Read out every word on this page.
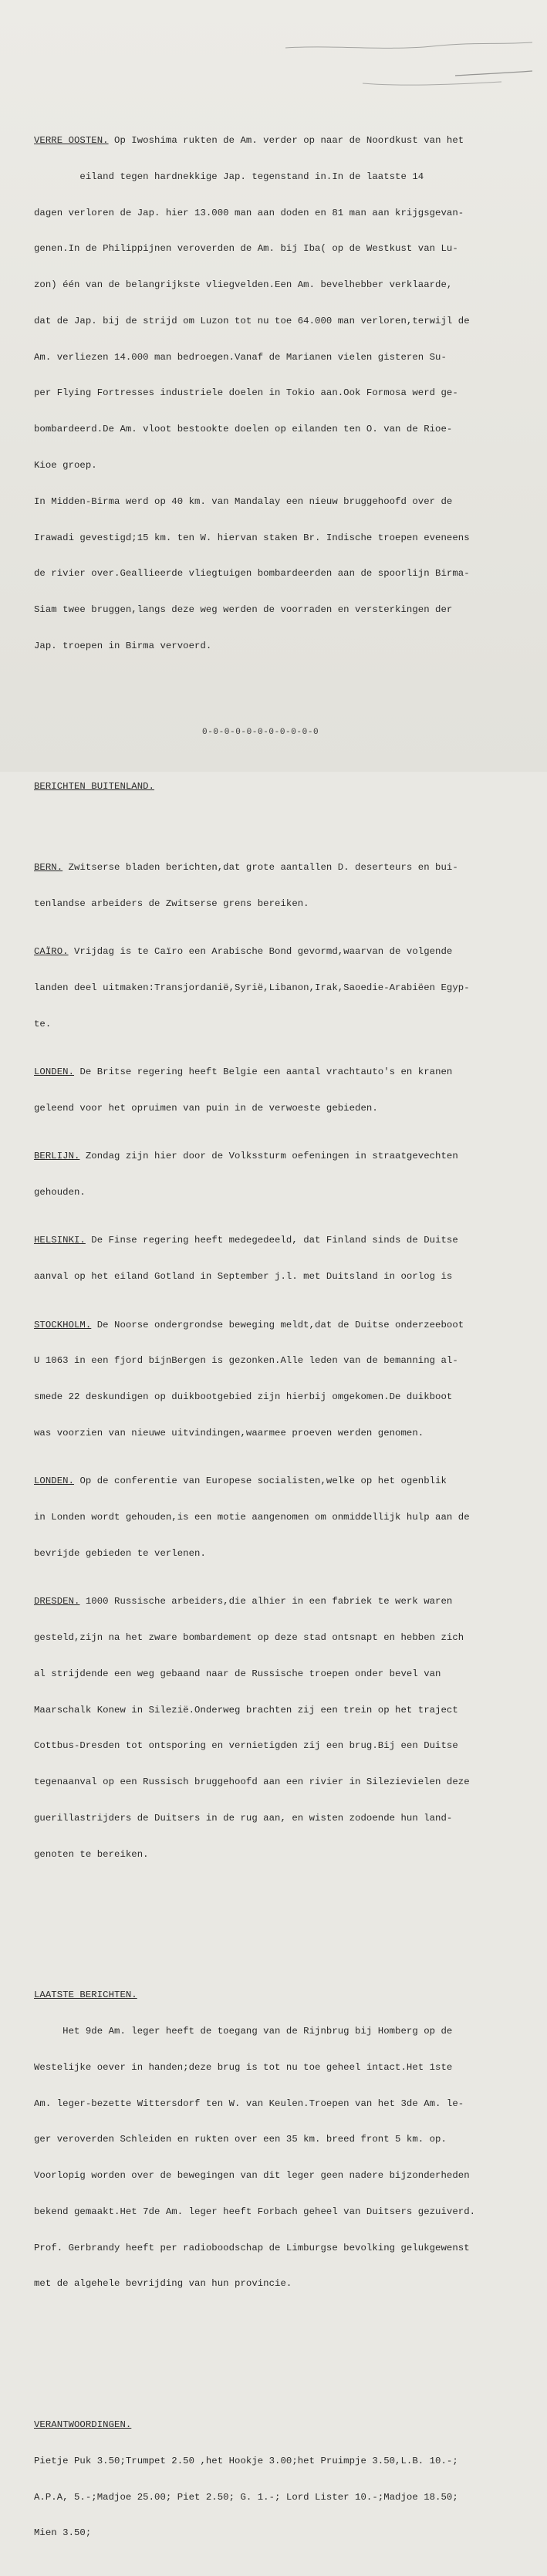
VERRE OOSTEN. Op Iwoshima rukten de Am. verder op naar de Noordkust van het

eiland tegen hardnekkige Jap. tegenstand in.In de laatste 14

dagen verloren de Jap. hier 13.000 man aan doden en 81 man aan krijgsgevan-

genen.In de Philippijnen veroverden de Am. bij Iba( op de Westkust van Lu-

zon) één van de belangrijkste vliegvelden.Een Am. bevelhebber verklaarde,

dat de Jap. bij de strijd om Luzon tot nu toe 64.000 man verloren,terwijl de

Am. verliezen 14.000 man bedroegen.Vanaf de Marianen vielen gisteren Su-

per Flying Fortresses industriele doelen in Tokio aan.Ook Formosa werd ge-

bombardeerd.De Am. vloot bestookte doelen op eilanden ten O. van de Rioe-

Kioe groep.

In Midden-Birma werd op 40 km. van Mandalay een nieuw bruggehoofd over de

Irawadi gevestigd;15 km. ten W. hiervan staken Br. Indische troepen eveneens

de rivier over.Geallieerde vliegtuigen bombardeerden aan de spoorlijn Birma-

Siam twee bruggen,langs deze weg werden de voorraden en versterkingen der

Jap. troepen in Birma vervoerd.

BERICHTEN BUITENLAND.

BERN. Zwitserse bladen berichten,dat grote aantallen D. deserteurs en bui-

tenlandse arbeiders de Zwitserse grens bereiken.

CAÏRO. Vrijdag is te Caïro een Arabische Bond gevormd,waarvan de volgende

landen deel uitmaken:Transjordanië,Syrië,Libanon,Irak,Saoedie-Arabiëen Egyp-

te.

LONDEN. De Britse regering heeft Belgie een aantal vrachtauto's en kranen

geleend voor het opruimen van puin in de verwoeste gebieden.

BERLIJN. Zondag zijn hier door de Volkssturm oefeningen in straatgevechten

gehouden.

HELSINKI. De Finse regering heeft medegedeeld, dat Finland sinds de Duitse

aanval op het eiland Gotland in September j.l. met Duitsland in oorlog is

STOCKHOLM. De Noorse ondergrondse beweging meldt,dat de Duitse onderzeeboot

U 1063 in een fjord bijnBergen is gezonken.Alle leden van de bemanning al-

smede 22 deskundigen op duikbootgebied zijn hierbij omgekomen.De duikboot

was voorzien van nieuwe uitvindingen,waarmee proeven werden genomen.

LONDEN. Op de conferentie van Europese socialisten,welke op het ogenblik

in Londen wordt gehouden,is een motie aangenomen om onmiddellijk hulp aan de

bevrijde gebieden te verlenen.

DRESDEN. 1000 Russische arbeiders,die alhier in een fabriek te werk waren

gesteld,zijn na het zware bombardement op deze stad ontsnapt en hebben zich

al strijdende een weg gebaand naar de Russische troepen onder bevel van

Maarschalk Konew in Silezië.Onderweg brachten zij een trein op het traject

Cottbus-Dresden tot ontsporing en vernietigden zij een brug.Bij een Duitse

tegenaanval op een Russisch bruggehoofd aan een rivier in Silezievielen deze

guerillastrijders de Duitsers in de rug aan, en wisten zodoende hun land-

genoten te bereiken.

LAATSTE BERICHTEN.

Het 9de Am. leger heeft de toegang van de Rijnbrug bij Homberg op de

Westelijke oever in handen;deze brug is tot nu toe geheel intact.Het 1ste

Am. leger-bezette Wittersdorf ten W. van Keulen.Troepen van het 3de Am. le-

ger veroverden Schleiden en rukten over een 35 km. breed front 5 km. op.

Voorlopig worden over de bewegingen van dit leger geen nadere bijzonderheden

bekend gemaakt.Het 7de Am. leger heeft Forbach geheel van Duitsers gezuiverd.

Prof. Gerbrandy heeft per radioboodschap de Limburgse bevolking gelukgewenst

met de algehele bevrijding van hun provincie.

VERANTWOORDINGEN.

Pietje Puk 3.50;Trumpet 2.50 ,het Hookje 3.00;het Pruimpje 3.50,L.B. 10.-;

A.P.A, 5.-;Madjoe 25.00; Piet 2.50; G. 1.-; Lord Lister 10.-;Madjoe 18.50;

Mien 3.50;

0-0-0-0-0-0-0-0-0-0-0
